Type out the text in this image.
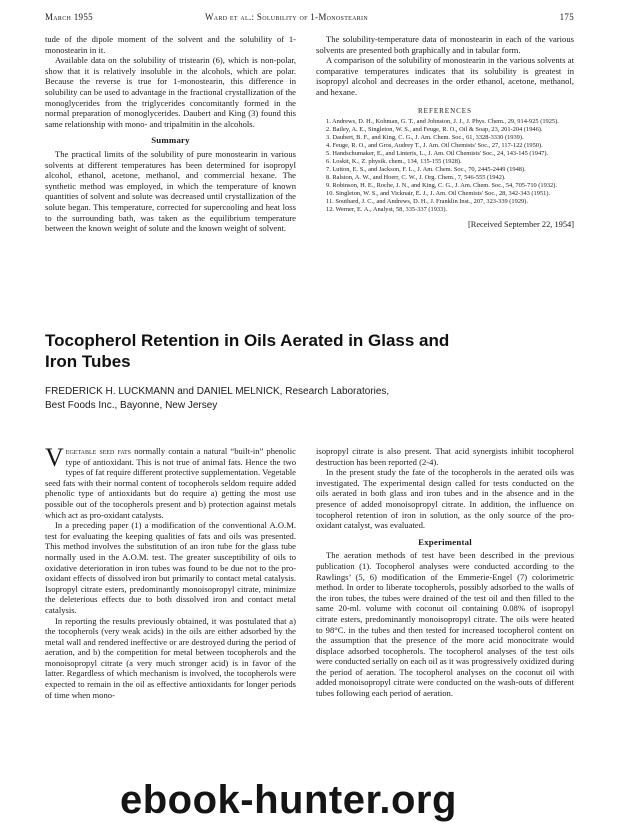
March 1955	Ward et al.: Solubility of 1-Monostearin	175

tude of the dipole moment of the solvent and the solubility of 1-monostearin in it.

Available data on the solubility of tristearin (6), which is non-polar, show that it is relatively insoluble in the alcohols, which are polar. Because the reverse is true for 1-monostearin, this difference in solubility can be used to advantage in the fractional crystallization of the monoglycerides from the triglycerides concomitantly formed in the normal preparation of monoglycerides. Daubert and King (3) found this same relationship with mono- and tripalmitin in the alcohols.

Summary

The practical limits of the solubility of pure monostearin in various solvents at different temperatures has been determined for isopropyl alcohol, ethanol, acetone, methanol, and commercial hexane. The synthetic method was employed, in which the temperature of known quantities of solvent and solute was decreased until crystallization of the solute began. This temperature, corrected for supercooling and heat loss to the surrounding bath, was taken as the equilibrium temperature between the known weight of solute and the known weight of solvent.

The solubility-temperature data of monostearin in each of the various solvents are presented both graphically and in tabular form.

A comparison of the solubility of monostearin in the various solvents at comparative temperatures indicates that its solubility is greatest in isopropyl alcohol and decreases in the order ethanol, acetone, methanol, and hexane.

REFERENCES

1. Andrews, D. H., Kohman, G. T., and Johnston, J. J., J. Phys. Chem., 29, 914-925 (1925).

2. Bailey, A. E., Singleton, W. S., and Feuge, R. O., Oil & Soap, 23, 201-204 (1946).

3. Daubert, B. F., and King, C. G., J. Am. Chem. Soc., 61, 3328-3330 (1939).

4. Feuge, R. O., and Gros, Audrey T., J. Am. Oil Chemists' Soc., 27, 117-122 (1950).

5. Handschumaker, E., and Linteris, L., J. Am. Oil Chemists' Soc., 24, 143-145 (1947).

6. Loskit, K., Z. physik. chem., 134, 135-155 (1928).

7. Lutton, E. S., and Jackson, F. L., J. Am. Chem. Soc., 70, 2445-2449 (1948).

8. Ralston, A. W., and Hoerr, C. W., J. Org. Chem., 7, 546-555 (1942).

9. Robinson, H. E., Roche, J. N., and King, C. G., J. Am. Chem. Soc., 54, 705-710 (1932).

10. Singleton, W. S., and Vicknair, E. J., J. Am. Oil Chemists' Soc., 28, 342-343 (1951).

11. Southard, J. C., and Andrews, D. H., J. Franklin Inst., 207, 323-339 (1929).

12. Werner, E. A., Analyst, 58, 335-337 (1933).

[Received September 22, 1954]
Tocopherol Retention in Oils Aerated in Glass and Iron Tubes
FREDERICK H. LUCKMANN and DANIEL MELNICK, Research Laboratories,
Best Foods Inc., Bayonne, New Jersey

Vegetable seed fats normally contain a natural “built-in” phenolic type of antioxidant. This is not true of animal fats. Hence the two types of fat require different protective supplementation. Vegetable seed fats with their normal content of tocopherols seldom require added phenolic type of antioxidants but do require a) getting the most use possible out of the tocopherols present and b) protection against metals which act as pro-oxidant catalysts.

In a preceding paper (1) a modification of the conventional A.O.M. test for evaluating the keeping qualities of fats and oils was presented. This method involves the substitution of an iron tube for the glass tube normally used in the A.O.M. test. The greater susceptibility of oils to oxidative deterioration in iron tubes was found to be due not to the pro-oxidant effects of dissolved iron but primarily to contact metal catalysis. Isopropyl citrate esters, predominantly monoisopropyl citrate, minimize the deleterious effects due to both dissolved iron and contact metal catalysis.

In reporting the results previously obtained, it was postulated that a) the tocopherols (very weak acids) in the oils are either adsorbed by the metal wall and rendered ineffective or are destroyed during the period of aeration, and b) the competition for metal between tocopherols and the monoisopropyl citrate (a very much stronger acid) is in favor of the latter. Regardless of which mechanism is involved, the tocopherols were expected to remain in the oil as effective antioxidants for longer periods of time when mono-

isopropyl citrate is also present. That acid synergists inhibit tocopherol destruction has been reported (2-4).

In the present study the fate of the tocopherols in the aerated oils was investigated. The experimental design called for tests conducted on the oils aerated in both glass and iron tubes and in the absence and in the presence of added monoisopropyl citrate. In addition, the influence on tocopherol retention of iron in solution, as the only source of the pro-oxidant catalyst, was evaluated.

Experimental

The aeration methods of test have been described in the previous publication (1). Tocopherol analyses were conducted according to the Rawlings’ (5, 6) modification of the Emmerie-Engel (7) colorimetric method. In order to liberate tocopherols, possibly adsorbed to the walls of the iron tubes, the tubes were drained of the test oil and then filled to the same 20-ml. volume with coconut oil containing 0.08% of isopropyl citrate esters, predominantly monoisopropyl citrate. The oils were heated to 98°C. in the tubes and then tested for increased tocopherol content on the assumption that the presence of the more acid monocitrate would displace adsorbed tocopherols. The tocopherol analyses of the test oils were conducted serially on each oil as it was progressively oxidized during the period of aeration. The tocopherol analyses on the coconut oil with added monoisopropyl citrate were conducted on the wash-outs of different tubes following each period of aeration.

ebook-hunter.org
